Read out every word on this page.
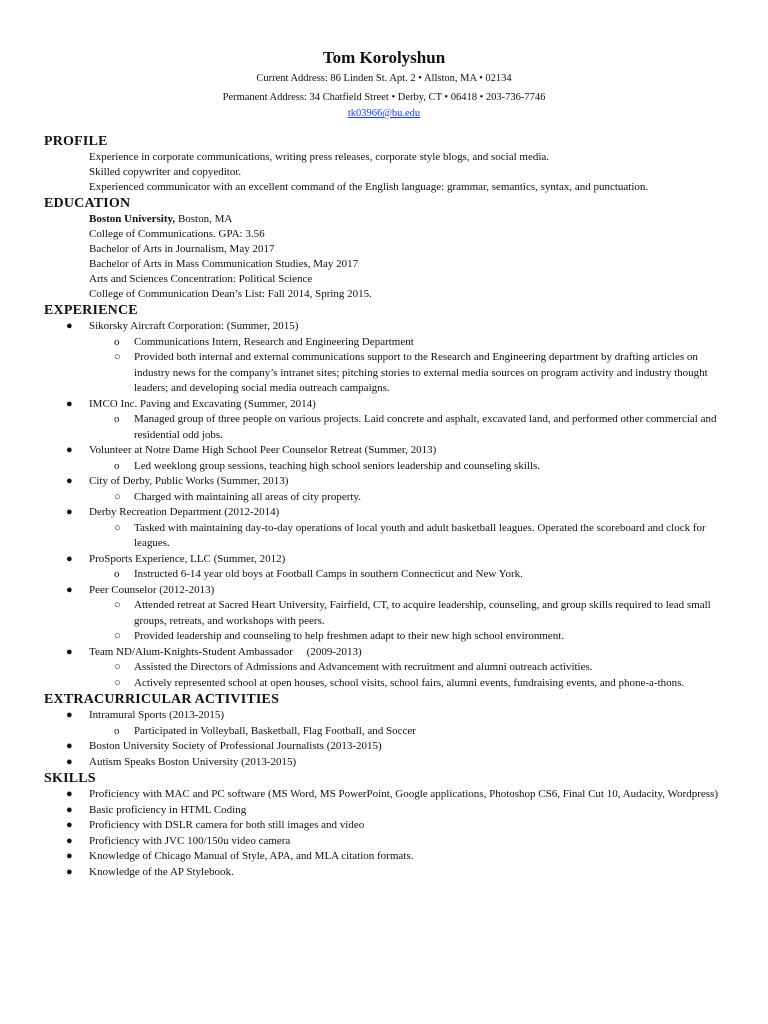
Tom Korolyshun
Current Address: 86 Linden St. Apt. 2 • Allston, MA • 02134
Permanent Address: 34 Chatfield Street • Derby, CT • 06418 • 203-736-7746
tk03966@bu.edu
PROFILE
Experience in corporate communications, writing press releases, corporate style blogs, and social media.
Skilled copywriter and copyeditor.
Experienced communicator with an excellent command of the English language: grammar, semantics, syntax, and punctuation.
EDUCATION
Boston University, Boston, MA
College of Communications. GPA: 3.56
Bachelor of Arts in Journalism, May 2017
Bachelor of Arts in Mass Communication Studies, May 2017
Arts and Sciences Concentration: Political Science
College of Communication Dean’s List: Fall 2014, Spring 2015.
EXPERIENCE
● Sikorsky Aircraft Corporation: (Summer, 2015)
o Communications Intern, Research and Engineering Department
○ Provided both internal and external communications support to the Research and Engineering department by drafting articles on industry news for the company’s intranet sites; pitching stories to external media sources on program activity and industry thought leaders; and developing social media outreach campaigns.
● IMCO Inc. Paving and Excavating (Summer, 2014)
o Managed group of three people on various projects. Laid concrete and asphalt, excavated land, and performed other commercial and residential odd jobs.
● Volunteer at Notre Dame High School Peer Counselor Retreat (Summer, 2013)
o Led weeklong group sessions, teaching high school seniors leadership and counseling skills.
● City of Derby, Public Works (Summer, 2013)
○ Charged with maintaining all areas of city property.
● Derby Recreation Department (2012-2014)
○ Tasked with maintaining day-to-day operations of local youth and adult basketball leagues. Operated the scoreboard and clock for leagues.
● ProSports Experience, LLC (Summer, 2012)
o Instructed 6-14 year old boys at Football Camps in southern Connecticut and New York.
● Peer Counselor (2012-2013)
○ Attended retreat at Sacred Heart University, Fairfield, CT, to acquire leadership, counseling, and group skills required to lead small groups, retreats, and workshops with peers.
○ Provided leadership and counseling to help freshmen adapt to their new high school environment.
● Team ND/Alum-Knights-Student Ambassador     (2009-2013)
○ Assisted the Directors of Admissions and Advancement with recruitment and alumni outreach activities.
○ Actively represented school at open houses, school visits, school fairs, alumni events, fundraising events, and phone-a-thons.
EXTRACURRICULAR ACTIVITIES
● Intramural Sports (2013-2015)
o Participated in Volleyball, Basketball, Flag Football, and Soccer
● Boston University Society of Professional Journalists (2013-2015)
● Autism Speaks Boston University (2013-2015)
SKILLS
● Proficiency with MAC and PC software (MS Word, MS PowerPoint, Google applications, Photoshop CS6, Final Cut 10, Audacity, Wordpress)
● Basic proficiency in HTML Coding
● Proficiency with DSLR camera for both still images and video
● Proficiency with JVC 100/150u video camera
● Knowledge of Chicago Manual of Style, APA, and MLA citation formats.
● Knowledge of the AP Stylebook.
